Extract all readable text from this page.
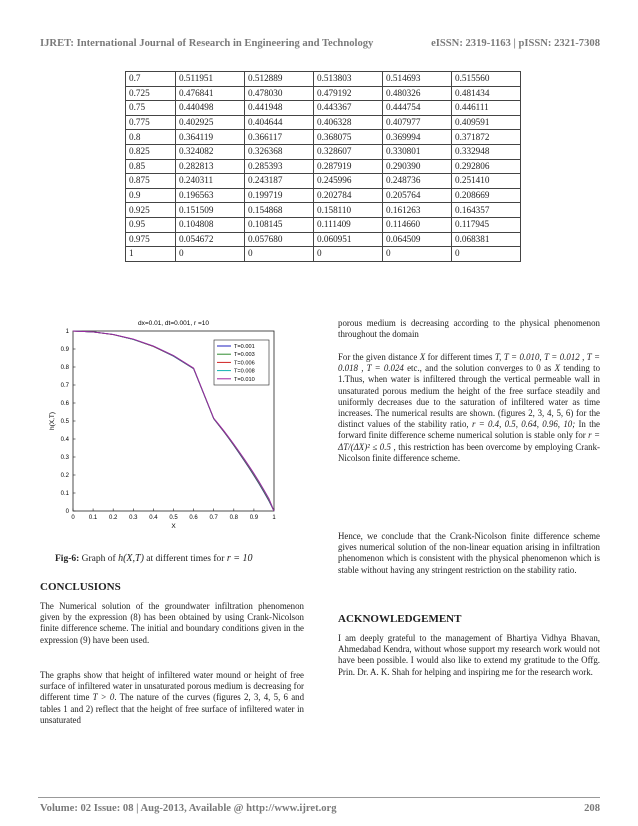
IJRET: International Journal of Research in Engineering and Technology	eISSN: 2319-1163 | pISSN: 2321-7308
0.7	0.511951	0.512889	0.513803	0.514693	0.515560
0.725	0.476841	0.478030	0.479192	0.480326	0.481434
0.75	0.440498	0.441948	0.443367	0.444754	0.446111
0.775	0.402925	0.404644	0.406328	0.407977	0.409591
0.8	0.364119	0.366117	0.368075	0.369994	0.371872
0.825	0.324082	0.326368	0.328607	0.330801	0.332948
0.85	0.282813	0.285393	0.287919	0.290390	0.292806
0.875	0.240311	0.243187	0.245996	0.248736	0.251410
0.9	0.196563	0.199719	0.202784	0.205764	0.208669
0.925	0.151509	0.154868	0.158110	0.161263	0.164357
0.95	0.104808	0.108145	0.111409	0.114660	0.117945
0.975	0.054672	0.057680	0.060951	0.064509	0.068381
1	0	0	0	0	0
dx=0.01, dt=0.001, r =10
0 0.1 0.2 0.3 0.4 0.5 0.6 0.7 0.8 0.9 1
0
0.1
0.2
0.3
0.4
0.5
0.6
0.7
0.8
0.9
1
X
h(X,T)
T=0.001
T=0.003
T=0.006
T=0.008
T=0.010
Fig-6: Graph of h(X,T) at different times for r = 10
CONCLUSIONS
The Numerical solution of the groundwater infiltration phenomenon given by the expression (8) has been obtained by using Crank-Nicolson finite difference scheme. The initial and boundary conditions given in the expression (9) have been used.
The graphs show that height of infiltered water mound or height of free surface of infiltered water in unsaturated porous medium is decreasing for different time T > 0. The nature of the curves (figures 2, 3, 4, 5, 6 and tables 1 and 2) reflect that the height of free surface of infiltered water in unsaturated
porous medium is decreasing according to the physical phenomenon throughout the domain
For the given distance X for different times T, T = 0.010, T = 0.012 , T = 0.018 , T = 0.024 etc., and the solution converges to 0 as X tending to 1.Thus, when water is infiltered through the vertical permeable wall in unsaturated porous medium the height of the free surface steadily and uniformly decreases due to the saturation of infiltered water as time increases. The numerical results are shown. (figures 2, 3, 4, 5, 6) for the distinct values of the stability ratio, r = 0.4, 0.5, 0.64, 0.96, 10; In the forward finite difference scheme numerical solution is stable only for r = ΔT/(ΔX)² ≤ 0.5 , this restriction has been overcome by employing Crank-Nicolson finite difference scheme.
Hence, we conclude that the Crank-Nicolson finite difference scheme gives numerical solution of the non-linear equation arising in infiltration phenomenon which is consistent with the physical phenomenon which is stable without having any stringent restriction on the stability ratio.
ACKNOWLEDGEMENT
I am deeply grateful to the management of Bhartiya Vidhya Bhavan, Ahmedabad Kendra, without whose support my research work would not have been possible. I would also like to extend my gratitude to the Offg. Prin. Dr. A. K. Shah for helping and inspiring me for the research work.
Volume: 02 Issue: 08 | Aug-2013, Available @ http://www.ijret.org	208
